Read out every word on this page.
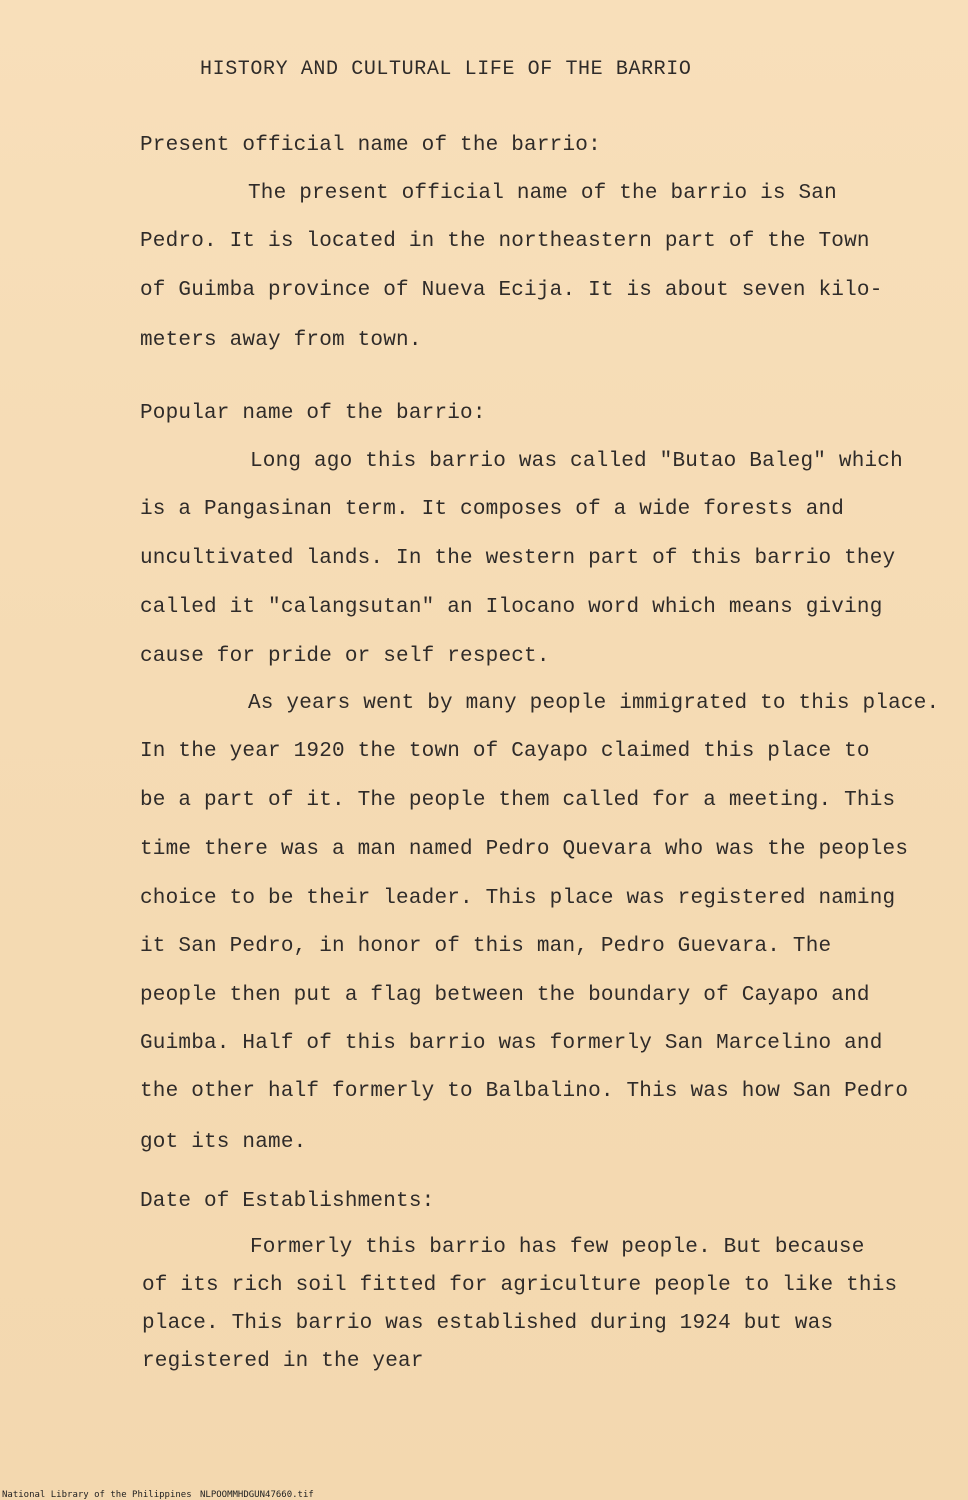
HISTORY AND CULTURAL LIFE OF THE BARRIO
Present official name of the barrio:
The present official name of the barrio is San
Pedro. It is located in the northeastern part of the Town
of Guimba province of Nueva Ecija. It is about seven kilo-
meters away from town.
Popular name of the barrio:
Long ago this barrio was called "Butao Baleg" which
is a Pangasinan term. It composes of a wide forests and
uncultivated lands. In the western part of this barrio they
called it "calangsutan" an Ilocano word which means giving
cause for pride or self respect.
As years went by many people immigrated to this place.
In the year 1920 the town of Cayapo claimed this place to
be a part of it. The people them called for a meeting. This
time there was a man named Pedro Quevara who was the peoples
choice to be their leader. This place was registered naming
it San Pedro, in honor of this man, Pedro Guevara. The
people then put a flag between the boundary of Cayapo and
Guimba. Half of this barrio was formerly San Marcelino and
the other half formerly to Balbalino. This was how San Pedro
got its name.
Date of Establishments:
Formerly this barrio has few people. But because
of its rich soil fitted for agriculture people to like this
place. This barrio was established during 1924 but was
registered in the year
National Library of the Philippines NLPOOMMHDGUN47660.tif
